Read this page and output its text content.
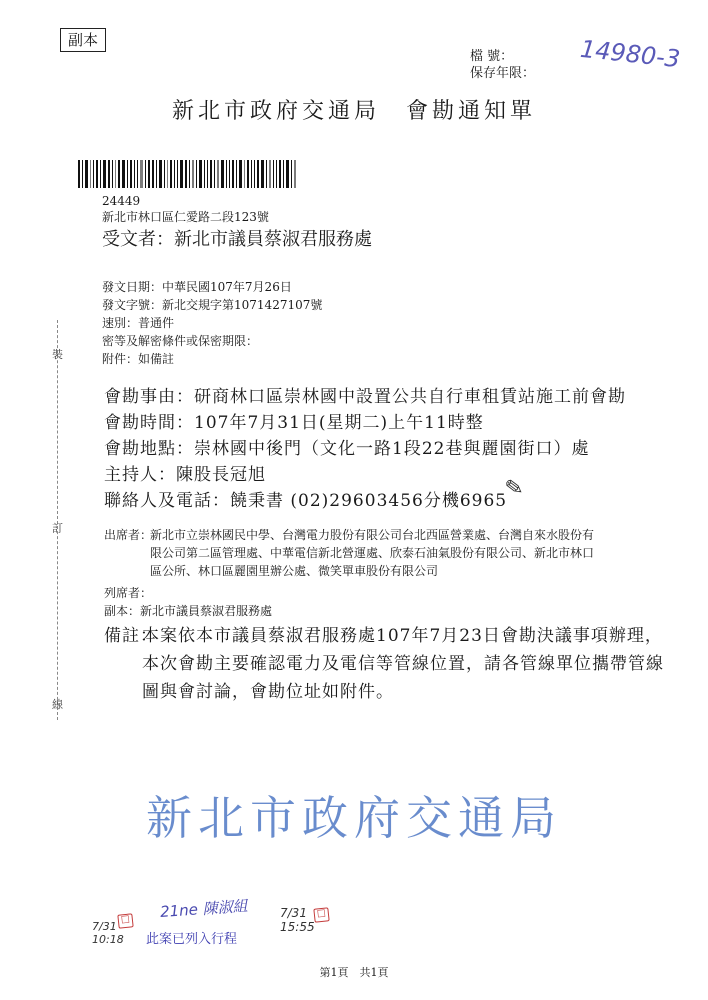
副本
檔 號：
保存年限：
14980-3
新北市政府交通局　會勘通知單
24449
新北市林口區仁愛路二段123號
受文者：新北市議員蔡淑君服務處
發文日期：中華民國107年7月26日
發文字號：新北交規字第1071427107號
速別：普通件
密等及解密條件或保密期限：
附件：如備註
裝
訂
線
會勘事由：研商林口區崇林國中設置公共自行車租賃站施工前會勘
會勘時間：107年7月31日(星期二)上午11時整
會勘地點：崇林國中後門（文化一路1段22巷與麗園街口）處
主持人：陳股長冠旭
聯絡人及電話：饒秉書 (02)29603456分機6965
✎
出席者：
新北市立崇林國民中學、台灣電力股份有限公司台北西區營業處、台灣自來水股份有限公司第二區管理處、中華電信新北營運處、欣泰石油氣股份有限公司、新北市林口區公所、林口區麗園里辦公處、微笑單車股份有限公司
列席者：
副本：新北市議員蔡淑君服務處
備註：
本案依本市議員蔡淑君服務處107年7月23日會勘決議事項辦理，本次會勘主要確認電力及電信等管線位置，請各管線單位攜帶管線圖與會討論，會勘位址如附件。
新北市政府交通局
21ne 陳淑組
7/31 10:18
☐
此案已列入行程
7/31 15:55
☐
第1頁　共1頁
